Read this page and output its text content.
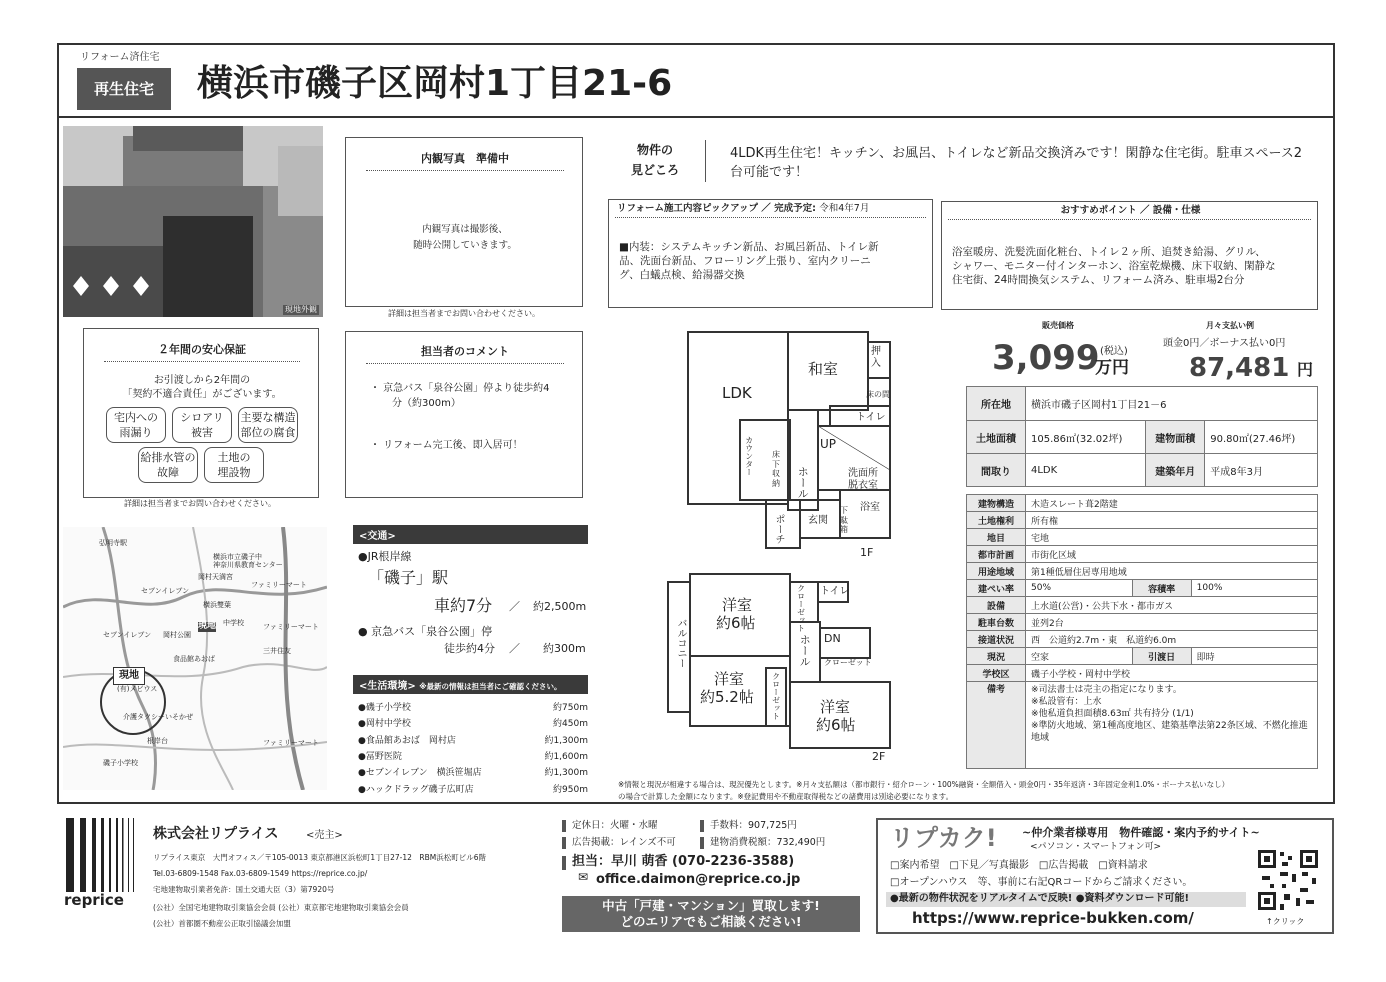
リフォーム済住宅
再生住宅	横浜市磯子区岡村1丁目21-6
現地外観
内観写真　準備中
内観写真は撮影後、
随時公開していきます。
詳細は担当者までお問い合わせください。
物件の
見どころ
4LDK再生住宅！キッチン、お風呂、トイレなど新品交換済みです！閑静な住宅街。駐車スペース2
台可能です！
リフォーム施工内容ピックアップ ／ 完成予定: 令和4年7月
■内装：システムキッチン新品、お風呂新品、トイレ新
品、洗面台新品、フローリング上張り、室内クリーニ
グ、白蟻点検、給湯器交換
おすすめポイント ／ 設備・仕様
浴室暖房、洗髪洗面化粧台、トイレ２ヶ所、追焚き給湯、グリル、
シャワー、モニター付インターホン、浴室乾燥機、床下収納、閑静な
住宅街、24時間換気システム、リフォーム済み、駐車場2台分
２年間の安心保証
お引渡しから2年間の
「契約不適合責任」がございます。
宅内への
雨漏り
シロアリ
被害
主要な構造
部位の腐食
給排水管の
故障
土地の
埋設物
詳細は担当者までお問い合わせください。
担当者のコメント
・ 京急バス「泉谷公園」停より徒歩約4
分（約300m）
・ リフォーム完工後、即入居可！
弘明寺駅
横浜市立磯子中
神奈川県教育センター
岡村天満宮
ファミリーマート
セブンイレブン
横浜雙葉
中学校
岡村公園
現地
食品館あおば
三井住友
セブンイレブン
ファミリーマート
(有)メビウス
介護タクシーいそかぜ
磯子小学校
根岸台
ファミリーマート
現地
<交通>
●JR根岸線
「磯子」駅
車約7分 ／ 約2,500m
● 京急バス「泉谷公園」停
徒歩約4分 ／ 約300m
<生活環境> ※最新の情報は担当者にご確認ください。
●磯子小学校	約750m
●岡村中学校	約450m
●食品館あおば　岡村店	約1,300m
●冨野医院	約1,600m
●セブンイレブン　横浜笹堀店	約1,300m
●ハックドラッグ磯子広町店	約950m
LDK
和室
押入
床の間
トイレ
UP
カウンター 床下収納	ホール	洗面所
脱衣室
浴室
玄関
下駄箱
ポーチ
1F
バルコニー
洋室
約6帖	クローゼット トイレ
DN
ホール クローゼット
洋室
約5.2帖 クローゼット	洋室
約6帖
2F
販売価格
3,099 (税込)
万円
月々支払い例
頭金0円／ボーナス払い0円
87,481 円
所在地	横浜市磯子区岡村1丁目21－6		
土地面積	105.86㎡(32.02坪)	建物面積	90.80㎡(27.46坪)
間取り	4LDK	建築年月	平成8年3月
建物構造	木造スレート葺2階建		
土地権利	所有権		
地目	宅地		
都市計画	市街化区域		
用途地域	第1種低層住居専用地域		
建ぺい率	50%	容積率	100%
設備	上水道(公営)・公共下水・都市ガス		
駐車台数	並列2台		
接道状況	西　公道約2.7m・東　私道約6.0m		
現況	空家	引渡日	即時
学校区	磯子小学校・岡村中学校		
備考	※司法書士は売主の指定になります。
※私設管有：上水
※他私道負担面積8.63㎡ 共有持分 (1/1)
※準防火地域、第1種高度地区、建築基準法第22条区域、不燃化推進
地域		
※情報と現況が相違する場合は、現況優先とします。※月々支払額は（都市銀行・紹介ローン・100%融資・全額借入・頭金0円・35年返済・3年固定金利1.0%・ボーナス払いなし）
の場合で計算した金額になります。※登記費用や不動産取得税などの諸費用は別途必要になります。
reprice
株式会社リプライス	<売主>
リプライス東京　大門オフィス／〒105-0013 東京都港区浜松町1丁目27-12　RBM浜松町ビル6階
Tel.03-6809-1548 Fax.03-6809-1549 https://reprice.co.jp/
宅地建物取引業者免許：国土交通大臣（3）第7920号
(公社）全国宅地建物取引業協会会員 (公社）東京都宅地建物取引業協会会員
(公社）首都圏不動産公正取引協議会加盟
定休日：火曜・水曜	手数料：907,725円
広告掲載：レインズ不可	建物消費税額：732,490円
担当：早川 萌香 (070-2236-3588)
✉ office.daimon@reprice.co.jp
中古「戸建・マンション」買取します!
どのエリアでもご相談ください!
リプカク! ~仲介業者様専用　物件確認・案内予約サイト~
<パソコン・スマートフォン可>
□案内希望　□下見／写真撮影　□広告掲載　□資料請求
□オープンハウス　等、事前に右記QRコードからご請求ください。
●最新の物件状況をリアルタイムで反映! ●資料ダウンロード可能!
https://www.reprice-bukken.com/	↑クリック
